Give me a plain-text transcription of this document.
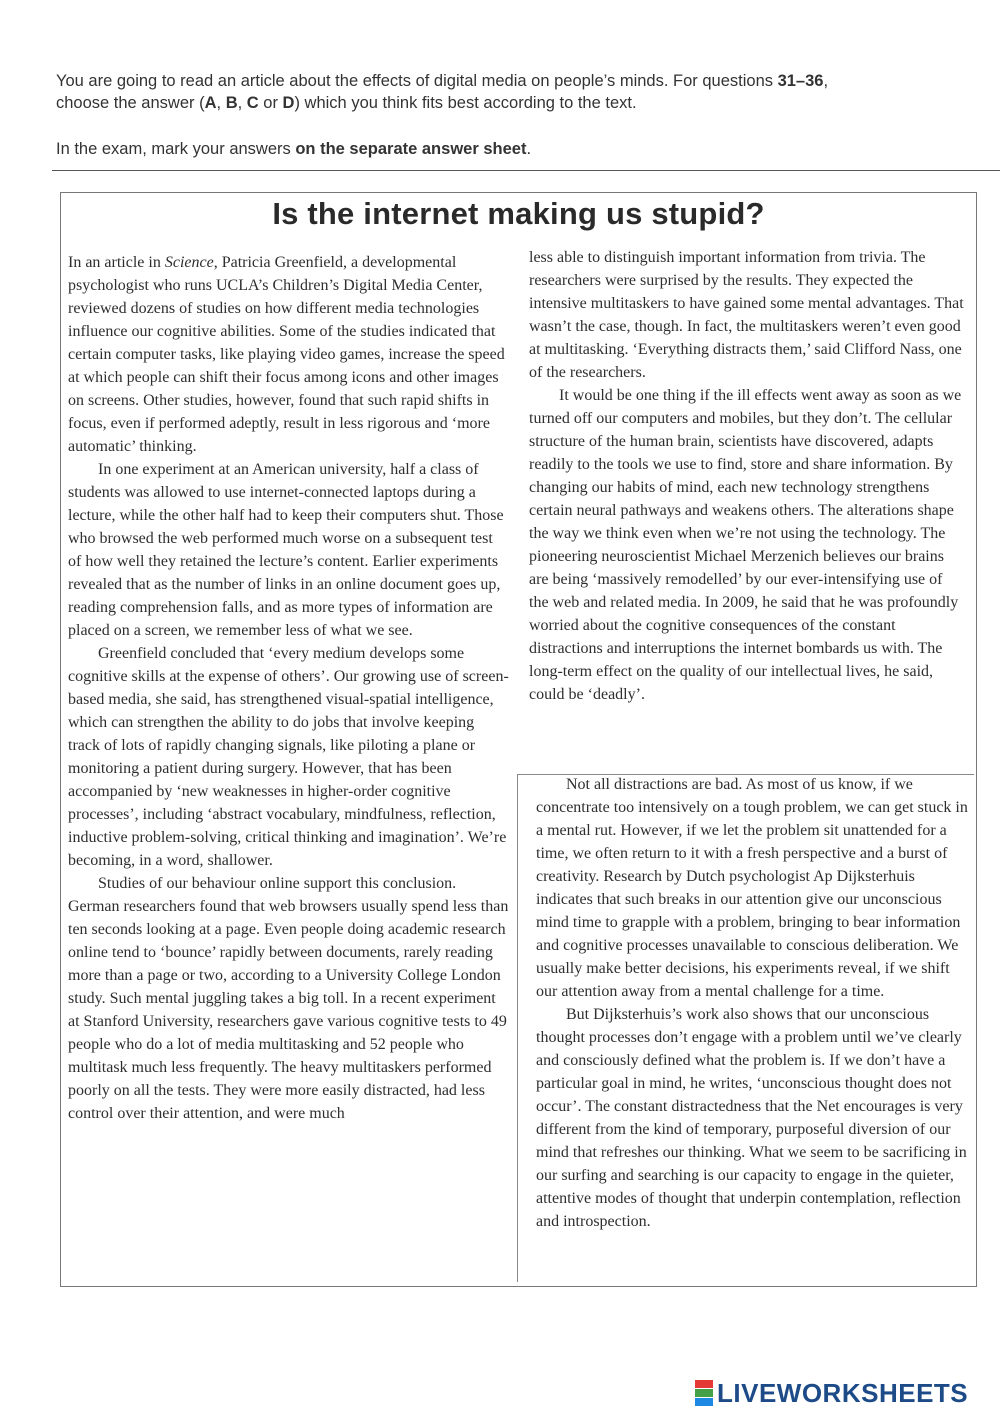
You are going to read an article about the effects of digital media on people’s minds. For questions 31–36,

choose the answer (A, B, C or D) which you think fits best according to the text.

In the exam, mark your answers on the separate answer sheet.

Is the internet making us stupid?

In an article in Science, Patricia Greenfield, a developmental psychologist who runs UCLA’s Children’s Digital Media Center, reviewed dozens of studies on how different media technologies influence our cognitive abilities. Some of the studies indicated that certain computer tasks, like playing video games, increase the speed at which people can shift their focus among icons and other images on screens. Other studies, however, found that such rapid shifts in focus, even if performed adeptly, result in less rigorous and ‘more automatic’ thinking.

In one experiment at an American university, half a class of students was allowed to use internet-connected laptops during a lecture, while the other half had to keep their computers shut. Those who browsed the web performed much worse on a subsequent test of how well they retained the lecture’s content. Earlier experiments revealed that as the number of links in an online document goes up, reading comprehension falls, and as more types of information are placed on a screen, we remember less of what we see.

Greenfield concluded that ‘every medium develops some cognitive skills at the expense of others’. Our growing use of screen-based media, she said, has strengthened visual-spatial intelligence, which can strengthen the ability to do jobs that involve keeping track of lots of rapidly changing signals, like piloting a plane or monitoring a patient during surgery. However, that has been accompanied by ‘new weaknesses in higher-order cognitive processes’, including ‘abstract vocabulary, mindfulness, reflection, inductive problem-solving, critical thinking and imagination’. We’re becoming, in a word, shallower.

Studies of our behaviour online support this conclusion. German researchers found that web browsers usually spend less than ten seconds looking at a page. Even people doing academic research online tend to ‘bounce’ rapidly between documents, rarely reading more than a page or two, according to a University College London study. Such mental juggling takes a big toll. In a recent experiment at Stanford University, researchers gave various cognitive tests to 49 people who do a lot of media multitasking and 52 people who multitask much less frequently. The heavy multitaskers performed poorly on all the tests. They were more easily distracted, had less control over their attention, and were much

less able to distinguish important information from trivia. The researchers were surprised by the results. They expected the intensive multitaskers to have gained some mental advantages. That wasn’t the case, though. In fact, the multitaskers weren’t even good at multitasking. ‘Everything distracts them,’ said Clifford Nass, one of the researchers.

It would be one thing if the ill effects went away as soon as we turned off our computers and mobiles, but they don’t. The cellular structure of the human brain, scientists have discovered, adapts readily to the tools we use to find, store and share information. By changing our habits of mind, each new technology strengthens certain neural pathways and weakens others. The alterations shape the way we think even when we’re not using the technology. The pioneering neuroscientist Michael Merzenich believes our brains are being ‘massively remodelled’ by our ever-intensifying use of the web and related media. In 2009, he said that he was profoundly worried about the cognitive consequences of the constant distractions and interruptions the internet bombards us with. The long-term effect on the quality of our intellectual lives, he said, could be ‘deadly’.

Not all distractions are bad. As most of us know, if we concentrate too intensively on a tough problem, we can get stuck in a mental rut. However, if we let the problem sit unattended for a time, we often return to it with a fresh perspective and a burst of creativity. Research by Dutch psychologist Ap Dijksterhuis indicates that such breaks in our attention give our unconscious mind time to grapple with a problem, bringing to bear information and cognitive processes unavailable to conscious deliberation. We usually make better decisions, his experiments reveal, if we shift our attention away from a mental challenge for a time.

But Dijksterhuis’s work also shows that our unconscious thought processes don’t engage with a problem until we’ve clearly and consciously defined what the problem is. If we don’t have a particular goal in mind, he writes, ‘unconscious thought does not occur’. The constant distractedness that the Net encourages is very different from the kind of temporary, purposeful diversion of our mind that refreshes our thinking. What we seem to be sacrificing in our surfing and searching is our capacity to engage in the quieter, attentive modes of thought that underpin contemplation, reflection and introspection.

LIVEWORKSHEETS
